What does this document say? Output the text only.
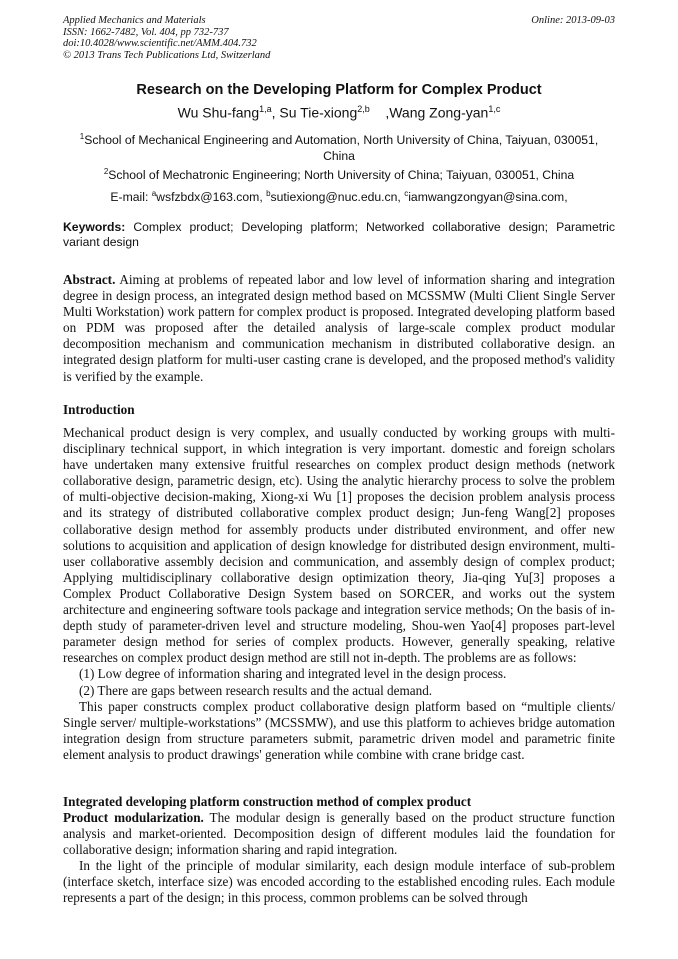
Applied Mechanics and Materials
ISSN: 1662-7482, Vol. 404, pp 732-737
doi:10.4028/www.scientific.net/AMM.404.732
© 2013 Trans Tech Publications Ltd, Switzerland
Online: 2013-09-03
Research on the Developing Platform for Complex Product
Wu Shu-fang$^{1,a}$, Su Tie-xiong$^{2,b}$    ,Wang Zong-yan$^{1,c}$
$^1$School of Mechanical Engineering and Automation, North University of China, Taiyuan, 030051, China
$^2$School of Mechatronic Engineering; North University of China; Taiyuan, 030051, China
E-mail: $^a$wsfzbdx@163.com, $^b$sutiexiong@nuc.edu.cn, $^c$iamwangzongyan@sina.com,
Keywords: Complex product; Developing platform; Networked collaborative design; Parametric variant design

Abstract. Aiming at problems of repeated labor and low level of information sharing and integration degree in design process, an integrated design method based on MCSSMW (Multi Client Single Server Multi Workstation) work pattern for complex product is proposed. Integrated developing platform based on PDM was proposed after the detailed analysis of large-scale complex product modular decomposition mechanism and communication mechanism in distributed collaborative design. an integrated design platform for multi-user casting crane is developed, and the proposed method's validity is verified by the example.

Introduction

Mechanical product design is very complex, and usually conducted by working groups with multi-disciplinary technical support, in which integration is very important. domestic and foreign scholars have undertaken many extensive fruitful researches on complex product design methods (network collaborative design, parametric design, etc). Using the analytic hierarchy process to solve the problem of multi-objective decision-making, Xiong-xi Wu [1] proposes the decision problem analysis process and its strategy of distributed collaborative complex product design; Jun-feng Wang[2] proposes collaborative design method for assembly products under distributed environment, and offer new solutions to acquisition and application of design knowledge for distributed design environment, multi-user collaborative assembly decision and communication, and assembly design of complex product; Applying multidisciplinary collaborative design optimization theory, Jia-qing Yu[3] proposes a Complex Product Collaborative Design System based on SORCER, and works out the system architecture and engineering software tools package and integration service methods; On the basis of in-depth study of parameter-driven level and structure modeling, Shou-wen Yao[4] proposes part-level parameter design method for series of complex products. However, generally speaking, relative researches on complex product design method are still not in-depth. The problems are as follows:

(1) Low degree of information sharing and integrated level in the design process.

(2) There are gaps between research results and the actual demand.

This paper constructs complex product collaborative design platform based on “multiple clients/ Single server/ multiple-workstations” (MCSSMW), and use this platform to achieves bridge automation integration design from structure parameters submit, parametric driven model and parametric finite element analysis to product drawings' generation while combine with crane bridge cast.

Integrated developing platform construction method of complex product

Product modularization. The modular design is generally based on the product structure function analysis and market-oriented. Decomposition design of different modules laid the foundation for collaborative design; information sharing and rapid integration.

In the light of the principle of modular similarity, each design module interface of sub-problem (interface sketch, interface size) was encoded according to the established encoding rules. Each module represents a part of the design; in this process, common problems can be solved through
